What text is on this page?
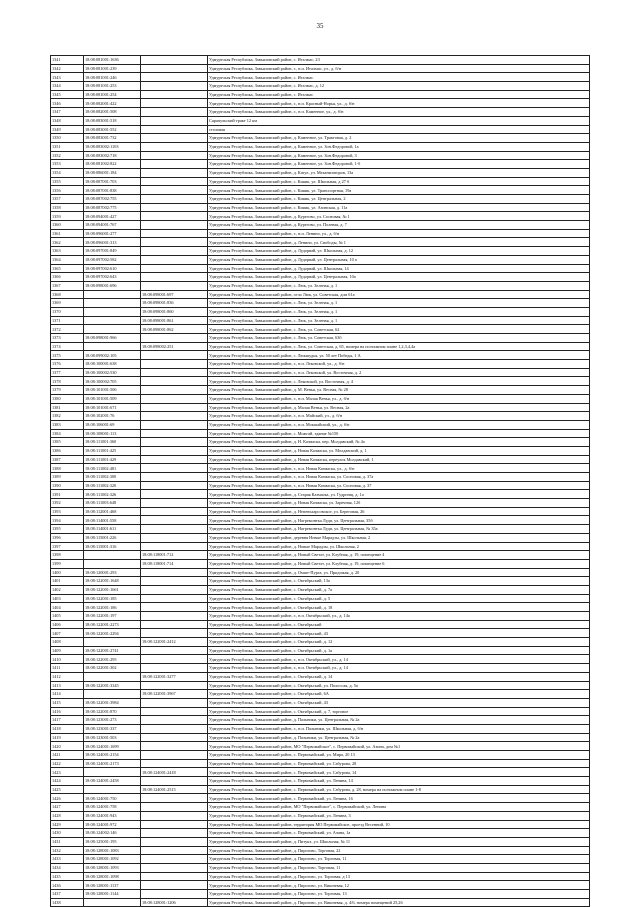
35
1341	18:08:081001:1636		Удмуртская Республика, Завьяловский район, с. Италмас, 23
1342	18:08:081001:239		Удмуртская Республика, Завьяловский район, г., н.п. Италмас, ул., д. б/н
1343	18:08:081001:246		Удмуртская Республика, Завьяловский район, с. Италмас
1344	18:08:081001:253		Удмуртская Республика, Завьяловский район, с. Италмас, д. 12
1345	18:08:081001:254		Удмуртская Республика, Завьяловский район, с. Италмас
1346	18:08:082001:422		Удмуртская Республика, Завьяловский район, г., н.п. Красный-Норья, ул., д. б/н
1347	18:08:082001:508		Удмуртская Республика, Завьяловский район, г., н.п. Каменное, ул., д. б/н
1348	18:08:083001:518		Сарапульский тракт 12 км
1349	18:08:083001:552		столовая
1350	18:08:083001:732		Удмуртская Республика, Завьяловский район, д. Каменное, ул. Трактовая, д. 2
1351	18:08:083002:1103		Удмуртская Республика, Завьяловский район, д. Каменное, ул. Зон.Федоровой, 1а
1352	18:08:083002:718		Удмуртская Республика, Завьяловский район, д. Каменное, ул. Зон.Федоровой, 3
1353	18:08:081002:822		Удмуртская Республика, Завьяловский район, д. Каменное, ул. Зон.Федоровой, 1-б
1354	18:08:086001:184		Удмуртская Республика, Завьяловский район, д. Катул, ул. Механизаторов, 13а
1355	18:08:087001:703		Удмуртская Республика, Завьяловский район, с. Кияик, ул. Школьная, д 27 б
1356	18:08:087001:838		Удмуртская Республика, Завьяловский район, с. Кияик, ул. Транспортная, 19а
1357	18:08:087002:755		Удмуртская Республика, Завьяловский район, с. Кияик, ул. Центральная, 2
1358	18:08:087002:775		Удмуртская Республика, Завьяловский район, с. Кияик, ул. Азинская, д. 11а
1359	18:08:094001:427		Удмуртская Республика, Завьяловский район, д. Курегово, ул. Сосновая, № 1
1360	18:08:094001:767		Удмуртская Республика, Завьяловский район, д. Курегово, ул. Полевая, д. 7
1361	18:08:096001:277		Удмуртская Республика, Завьяловский район, г., н.п. Ленино, ул., д. б/н
1362	18:08:096001:313		Удмуртская Республика, Завьяловский район, д. Ленино, ул. Свободы, № 1
1363	18:08:097001:849		Удмуртская Республика, Завьяловский район, д. Лудорвай, ул. Школьная, д. 12
1364	18:08:097002:582		Удмуртская Республика, Завьяловский район, д. Лудорвай, ул. Центральная, 10 а
1365	18:08:097002:610		Удмуртская Республика, Завьяловский район, д. Лудорвай, ул. Школьная, 14
1366	18:08:097002:643		Удмуртская Республика, Завьяловский район, д. Лудорвай, ул. Центральная, 10а
1367	18:08:098001:696		Удмуртская Республика, Завьяловский район, с. Люк, ул. Зеленая, д. 1
1368		18:08:098001:697	Удмуртская Республика, Завьяловский район, село Люк, ул. Советская, дом 61а
1369		18:08:098001:836	Удмуртская Республика, Завьяловский район, с. Люк, ул. Зеленая, д. 1
1370		18:08:098001:860	Удмуртская Республика, Завьяловский район, с. Люк, ул. Зеленая, д. 1
1371		18:08:098001:861	Удмуртская Республика, Завьяловский район, с. Люк, ул. Зеленая, д. 1
1372		18:08:098001:862	Удмуртская Республика, Завьяловский район, с. Люк, ул. Советская, 62
1373	18:08:098001:966		Удмуртская Республика, Завьяловский район, с. Люк, ул. Советская, 63б
1374		18:08:098002:251	Удмуртская Республика, Завьяловский район, с. Люк, ул. Советская, д. 65, номера на поэтажном плане 1,2,3,4,4а
1375	18:08:099002:105		Удмуртская Республика, Завьяловский район, с. Люкшудья, ул. 50 лет Победы, 1 А
1376	18:08:100001:638		Удмуртская Республика, Завьяловский район, г., н.п. Лековской, ул., д. б/н
1377	18:08:100002:530		Удмуртская Республика, Завьяловский район, г., н.п. Лековской, ул. Восточная, д. 2
1378	18:08:100002:705		Удмуртская Республика, Завьяловский район, с. Лековской, ул. Восточная, д. 4
1379	18:08:101001:506		Удмуртская Республика, Завьяловский район, д. М. Венья, ул. Весная, № 28
1380	18:08:101001:509		Удмуртская Республика, Завьяловский район, г., н.п. Малая Венья, ул., д. б/н
1381	18:08:101001:671		Удмуртская Республика, Завьяловский район, д. Малая Венья, ул. Весная, 2а
1382	18:08:102001:76		Удмуртская Республика, Завьяловский район, г., н.п. Майский, ул., д. б/н
1383	18:08:106001:69		Удмуртская Республика, Завьяловский район, г., н.п. Мокшайский, ул., д. б/н
1384	18:08:108001:113		Удмуртская Республика, Завьяловский район, с. Можгай, здание №150
1385	18:08:111001:360		Удмуртская Республика, Завьяловский район, д. Н. Казмаска, пер. Молдавский, № 4а
1386	18:08:111001:425		Удмуртская Республика, Завьяловский район, д. Новая Казмаска, ул. Молдавский, д. 1
1387	18:08:111001:429		Удмуртская Республика, Завьяловский район, д. Новая Казмаска, переулок Молдавский, 1
1388	18:08:111002:481		Удмуртская Республика, Завьяловский район, г., н.п. Новая Казмаска, ул., д. б/н
1389	18:08:111002:300		Удмуртская Республика, Завьяловский район, г., н.п. Новая Казмаска, ул. Сосновая, д. 37а
1390	18:08:111002:320		Удмуртская Республика, Завьяловский район, г., н.п. Новая Казмаска, ул. Сосновая, д. 37
1391	18:08:111002:326		Удмуртская Республика, Завьяловский район, д. Старая Казмаска, ул. Гудронщ, д. 1а
1392	18:08:111003:648		Удмуртская Республика, Завьяловский район, д. Новая Казмаска, ул. Заречная, 12б
1393	18:08:112001:468		Удмуртская Республика, Завьяловский район, д. Непеньхарсовское, ул. Береговая, 26
1394	18:08:114001:558		Удмуртская Республика, Завьяловский район, д. Нагремонтка Луди, ул. Центральная, 35б
1395	18:08:114001:611		Удмуртская Республика, Завьяловский район, д. Нагремонтка Луди, ул. Центральная, № 35а
1396	18:08:115001:226		Удмуртская Республика, Завьяловский район, деревня Новые Марадзы, ул. Школьная, 2
1397	18:08:115001:316		Удмуртская Республика, Завьяловский район, д. Новые Марадзы, ул. Школьная, 2
1398		18:08:118001:712	Удмуртская Республика, Завьяловский район, д. Новый Светлт, ул. Клубная, д. 19, помещение 4
1399		18:08:118001:714	Удмуртская Республика, Завьяловский район, д. Новый Светлт, ул. Клубная, д. 19, помещение 6
1400	18:08:120001:293		Удмуртская Республика, Завьяловский район, д. Омшт-Пурга, ул. Придожая, д. 20
1401	18:08:122001:1648		Удмуртская Республика, Завьяловский район, с. Октябрьский, 13а
1402	18:08:122001:1661		Удмуртская Республика, Завьяловский район, с. Октябрьский, д. 7а
1403	18:08:122001:185		Удмуртская Республика, Завьяловский район, с. Октябрьский, д. 5
1404	18:08:122001:186		Удмуртская Республика, Завьяловский район, с. Октябрьский, д. 18
1405	18:08:122001:197		Удмуртская Республика, Завьяловский район, г., н.п. Октябрьский, ул., д. 14а
1406	18:08:122001:2273		Удмуртская Республика, Завьяловский район, с. Октябрьский
1407	18:08:122001:2294		Удмуртская Республика, Завьяловский район, с. Октябрьский, 43
1408		18:08:122001:2412	Удмуртская Республика, Завьяловский район, с. Октябрьский, д. 12
1409	18:08:122001:2741		Удмуртская Республика, Завьяловский район, с. Октябрьский, д. 1а
1410	18:08:122001:295		Удмуртская Республика, Завьяловский район, г., н.п. Октябрьский, ул., д. 14
1411	18:08:122001:302		Удмуртская Республика, Завьяловский район, г., н.п. Октябрьский, ул., д. 14
1412		18:08:122001:3277	Удмуртская Республика, Завьяловский район, с. Октябрьский, д. 14
1413	18:08:122001:3345		Удмуртская Республика, Завьяловский район, с. Октябрьский, ул. Полоссая, д. 5а
1414		18:08:122001:3967	Удмуртская Республика, Завьяловский район, с. Октябрьский, 6А
1415	18:08:122001:3984		Удмуртская Республика, Завьяловский район, с. Октябрьский, 43
1416	18:08:122001:870		Удмуртская Республика, Завьяловский район, с. Октябрьский, д. 7, торговое
1417	18:08:123001:273		Удмуртская Республика, Завьяловский район, д. Пальники, ул. Центральная, № 2а
1418	18:08:123001:337		Удмуртская Республика, Завьяловский район, г., н.п. Пальники, ул. Школьная, д. б/н
1419	18:08:123001:503		Удмуртская Республика, Завьяловский район, д. Пальники, ул. Центральная, № 2а
1420	18:08:124001:1699		Удмуртская Республика, Завьяловский район, МО "Первомайское", с. Первомайский, ул. Азина, дом №1
1421	18:08:124001:2154		Удмуртская Республика, Завьяловский район, с. Первомайский, ул. Мира, 20 13
1422	18:08:124001:2173		Удмуртская Республика, Завьяловский район, с. Первомайский, ул. Сабурова, 28
1423		18:08:124001:2418	Удмуртская Республика, Завьяловский район, с. Первомайский, ул. Сабурова, 14
1424	18:08:124001:2458		Удмуртская Республика, Завьяловский район, с. Первомайский, ул. Ленина, 14
1425		18:08:124001:2515	Удмуртская Республика, Завьяловский район, с. Первомайский, ул. Сабурова, д. 28, номера на поэтажном плане 1-8
1426	18:08:124001:750		Удмуртская Республика, Завьяловский район, с. Первомайский, ул. Ленина, 16
1427	18:08:124001:758		Удмуртская Республика, Завьяловский район, МО "Первомайское", с. Первомайский, ул. Ленина
1428	18:08:124001:943		Удмуртская Республика, Завьяловский район, с. Первомайский, ул. Ленина, 3
1429	18:08:124001:972		Удмуртская Республика, Завьяловский район, территория МО Первомайское, проезд Весенний, 10
1430	18:08:124002:146		Удмуртская Республика, Завьяловский район, с. Первомайский, ул. Азина, 1а
1431	18:08:125001:195		Удмуртская Республика, Завьяловский район, д. Питукх, ул. Школьная, № 11
1432	18:08:128001:1083		Удмуртская Республика, Завьяловский район, д. Пирогово, Торговая, 22
1433	18:08:128001:1092		Удмуртская Республика, Завьяловский район, д. Пирогово, ул. Торговая, 11
1434	18:08:128001:1093		Удмуртская Республика, Завьяловский район, д. Пирогово, Торговая, 11
1435	18:08:128001:1098		Удмуртская Республика, Завьяловский район, д. Пирогово, ул. Торговая, д 13
1436	18:08:128001:1137		Удмуртская Республика, Завьяловский район, д. Пирогово, ул. Вишневая, 12
1437	18:08:128001:1144		Удмуртская Республика, Завьяловский район, д. Пирогово, ул. Торговая, 13
1438		18:08:128001:1206	Удмуртская Республика, Завьяловский район, д. Пирогово, ул. Вишневая, д. 4/6, номера помещений 25,26
